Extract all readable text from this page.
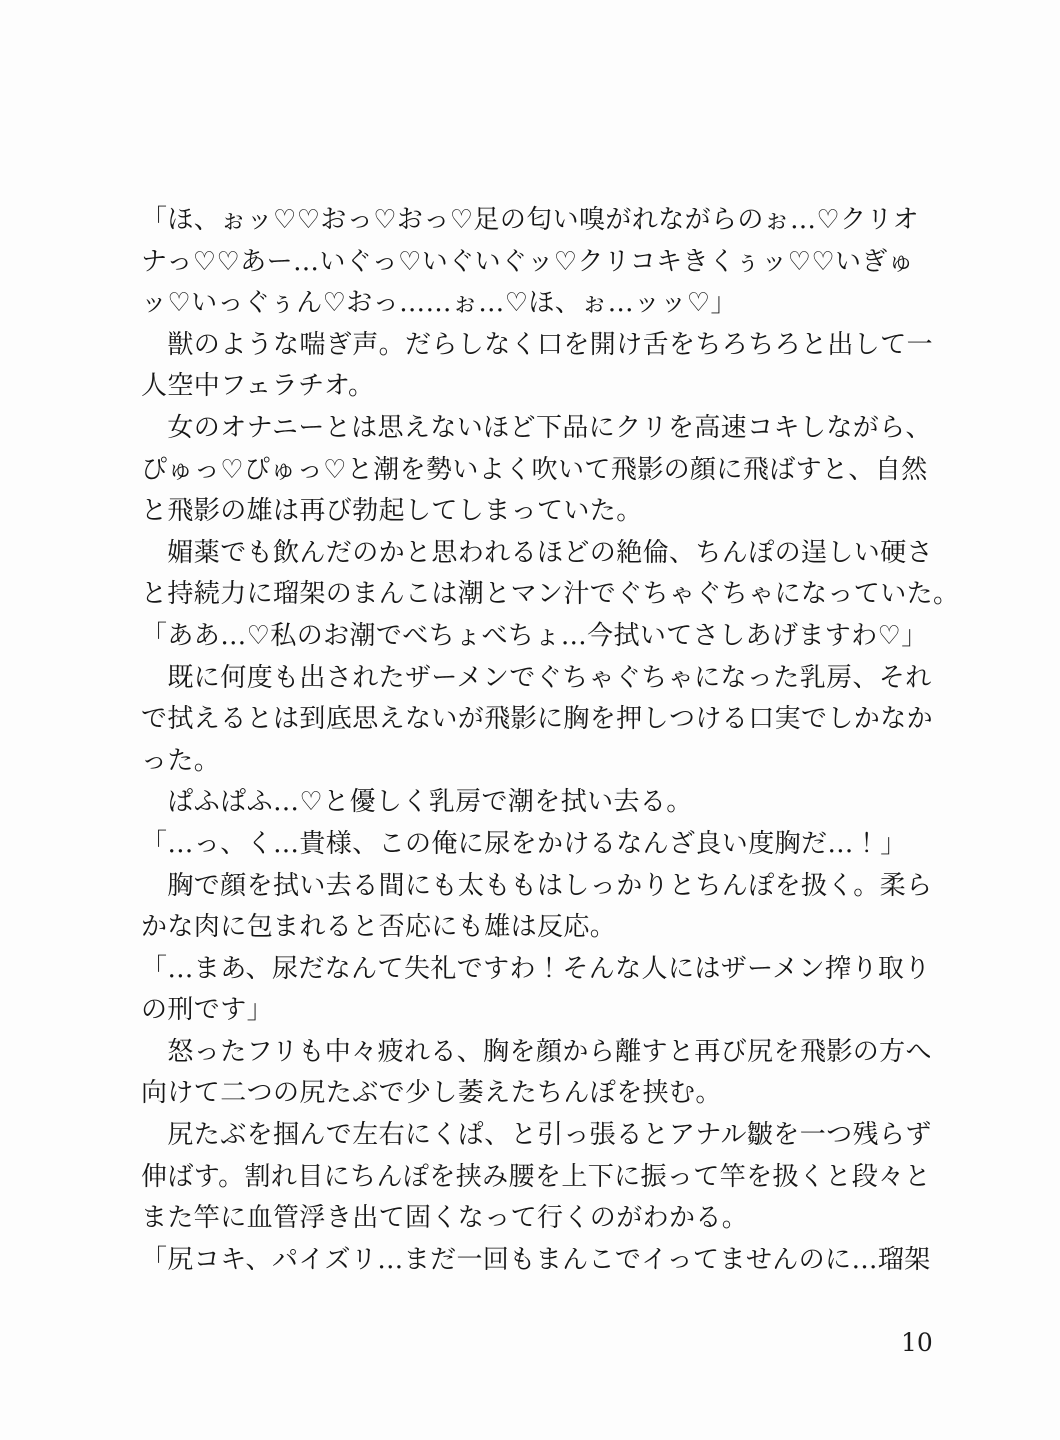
「ほ、ぉッ♡♡おっ♡おっ♡足の匂い嗅がれながらのぉ…♡クリオ
ナっ♡♡あー…いぐっ♡いぐいぐッ♡クリコキきくぅッ♡♡いぎゅ
ッ♡いっぐぅん♡おっ……ぉ…♡ほ、ぉ…ッッ♡」
　獣のような喘ぎ声。だらしなく口を開け舌をちろちろと出して一
人空中フェラチオ。
　女のオナニーとは思えないほど下品にクリを高速コキしながら、
ぴゅっ♡ぴゅっ♡と潮を勢いよく吹いて飛影の顔に飛ばすと、自然
と飛影の雄は再び勃起してしまっていた。
　媚薬でも飲んだのかと思われるほどの絶倫、ちんぽの逞しい硬さ
と持続力に瑠架のまんこは潮とマン汁でぐちゃぐちゃになっていた。
「ああ…♡私のお潮でべちょべちょ…今拭いてさしあげますわ♡」
　既に何度も出されたザーメンでぐちゃぐちゃになった乳房、それ
で拭えるとは到底思えないが飛影に胸を押しつける口実でしかなか
った。
　ぱふぱふ…♡と優しく乳房で潮を拭い去る。
「…っ、く…貴様、この俺に尿をかけるなんざ良い度胸だ…！」
　胸で顔を拭い去る間にも太ももはしっかりとちんぽを扱く。柔ら
かな肉に包まれると否応にも雄は反応。
「…まあ、尿だなんて失礼ですわ！そんな人にはザーメン搾り取り
の刑です」
　怒ったフリも中々疲れる、胸を顔から離すと再び尻を飛影の方へ
向けて二つの尻たぶで少し萎えたちんぽを挟む。
　尻たぶを掴んで左右にくぱ、と引っ張るとアナル皺を一つ残らず
伸ばす。割れ目にちんぽを挟み腰を上下に振って竿を扱くと段々と
また竿に血管浮き出て固くなって行くのがわかる。
「尻コキ、パイズリ…まだ一回もまんこでイってませんのに…瑠架
10
